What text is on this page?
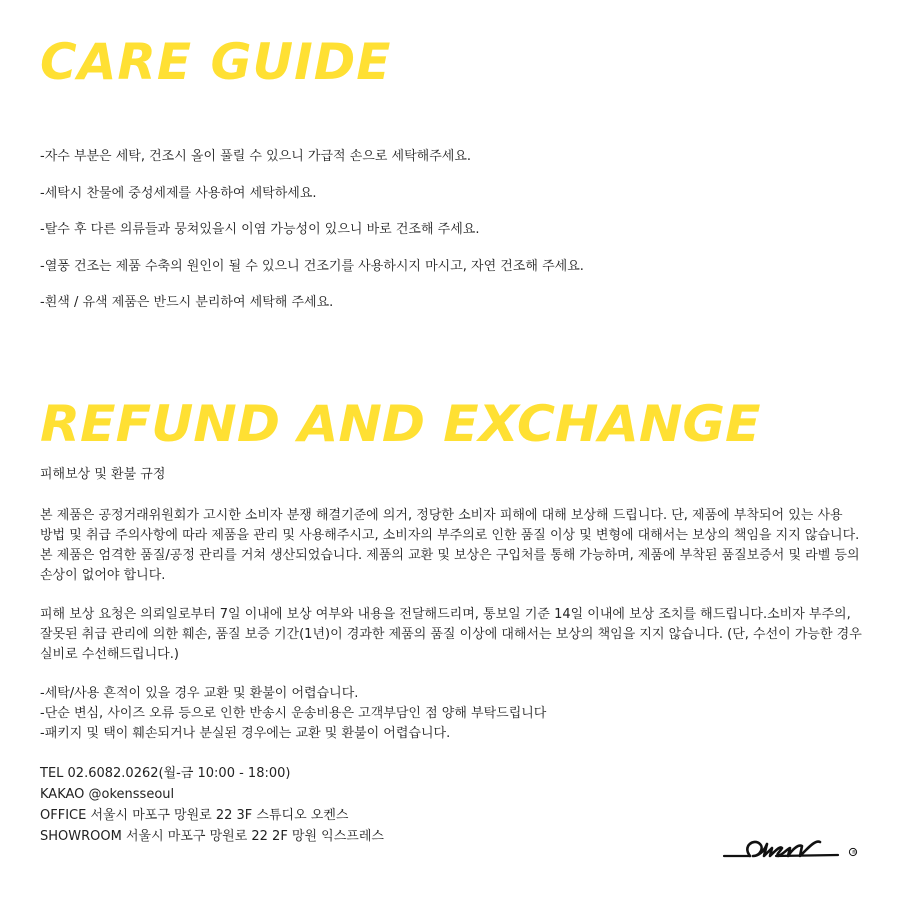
CARE GUIDE
-자수 부분은 세탁, 건조시 올이 풀릴 수 있으니 가급적 손으로 세탁해주세요.
-세탁시 찬물에 중성세제를 사용하여 세탁하세요.
-탈수 후 다른 의류들과 뭉쳐있을시 이염 가능성이 있으니 바로 건조해 주세요.
-열풍 건조는 제품 수축의 원인이 될 수 있으니 건조기를 사용하시지 마시고, 자연 건조해 주세요.
-흰색 / 유색 제품은 반드시 분리하여 세탁해 주세요.
REFUND AND EXCHANGE

피해보상 및 환불 규정

본 제품은 공정거래위원회가 고시한 소비자 분쟁 해결기준에 의거, 정당한 소비자 피해에 대해 보상해 드립니다. 단, 제품에 부착되어 있는 사용 방법 및 취급 주의사항에 따라 제품을 관리 및 사용해주시고, 소비자의 부주의로 인한 품질 이상 및 변형에 대해서는 보상의 책임을 지지 않습니다. 본 제품은 엄격한 품질/공정 관리를 거쳐 생산되었습니다. 제품의 교환 및 보상은 구입처를 통해 가능하며, 제품에 부착된 품질보증서 및 라벨 등의 손상이 없어야 합니다.

피해 보상 요청은 의뢰일로부터 7일 이내에 보상 여부와 내용을 전달해드리며, 통보일 기준 14일 이내에 보상 조치를 해드립니다.소비자 부주의, 잘못된 취급 관리에 의한 훼손, 품질 보증 기간(1년)이 경과한 제품의 품질 이상에 대해서는 보상의 책임을 지지 않습니다. (단, 수선이 가능한 경우 실비로 수선해드립니다.)

-세탁/사용 흔적이 있을 경우 교환 및 환불이 어렵습니다.

-단순 변심, 사이즈 오류 등으로 인한 반송시 운송비용은 고객부담인 점 양해 부탁드립니다

-패키지 및 택이 훼손되거나 분실된 경우에는 교환 및 환불이 어렵습니다.

TEL 02.6082.0262(월-금 10:00 - 18:00)

KAKAO @okensseoul

OFFICE 서울시 마포구 망원로 22 3F 스튜디오 오켄스

SHOWROOM 서울시 마포구 망원로 22 2F 망원 익스프레스

®
